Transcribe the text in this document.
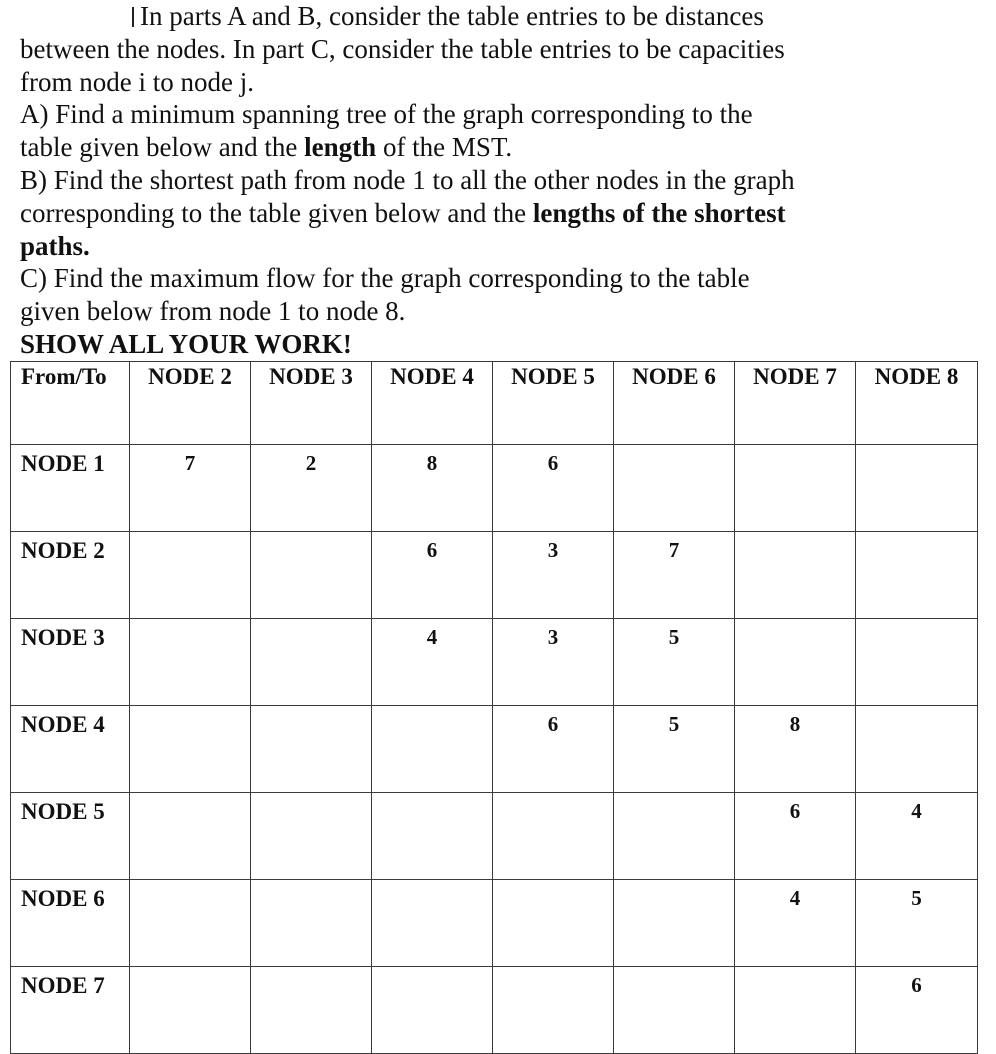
In parts A and B, consider the table entries to be distances
between the nodes. In part C, consider the table entries to be capacities
from node i to node j.
A) Find a minimum spanning tree of the graph corresponding to the
table given below and the length of the MST.
B) Find the shortest path from node 1 to all the other nodes in the graph
corresponding to the table given below and the lengths of the shortest
paths.
C) Find the maximum flow for the graph corresponding to the table
given below from node 1 to node 8.
SHOW ALL YOUR WORK!
From/To	NODE 2	NODE 3	NODE 4	NODE 5	NODE 6	NODE 7	NODE 8
NODE 1	7	2	8	6			
NODE 2			6	3	7		
NODE 3			4	3	5		
NODE 4				6	5	8	
NODE 5						6	4
NODE 6						4	5
NODE 7							6
